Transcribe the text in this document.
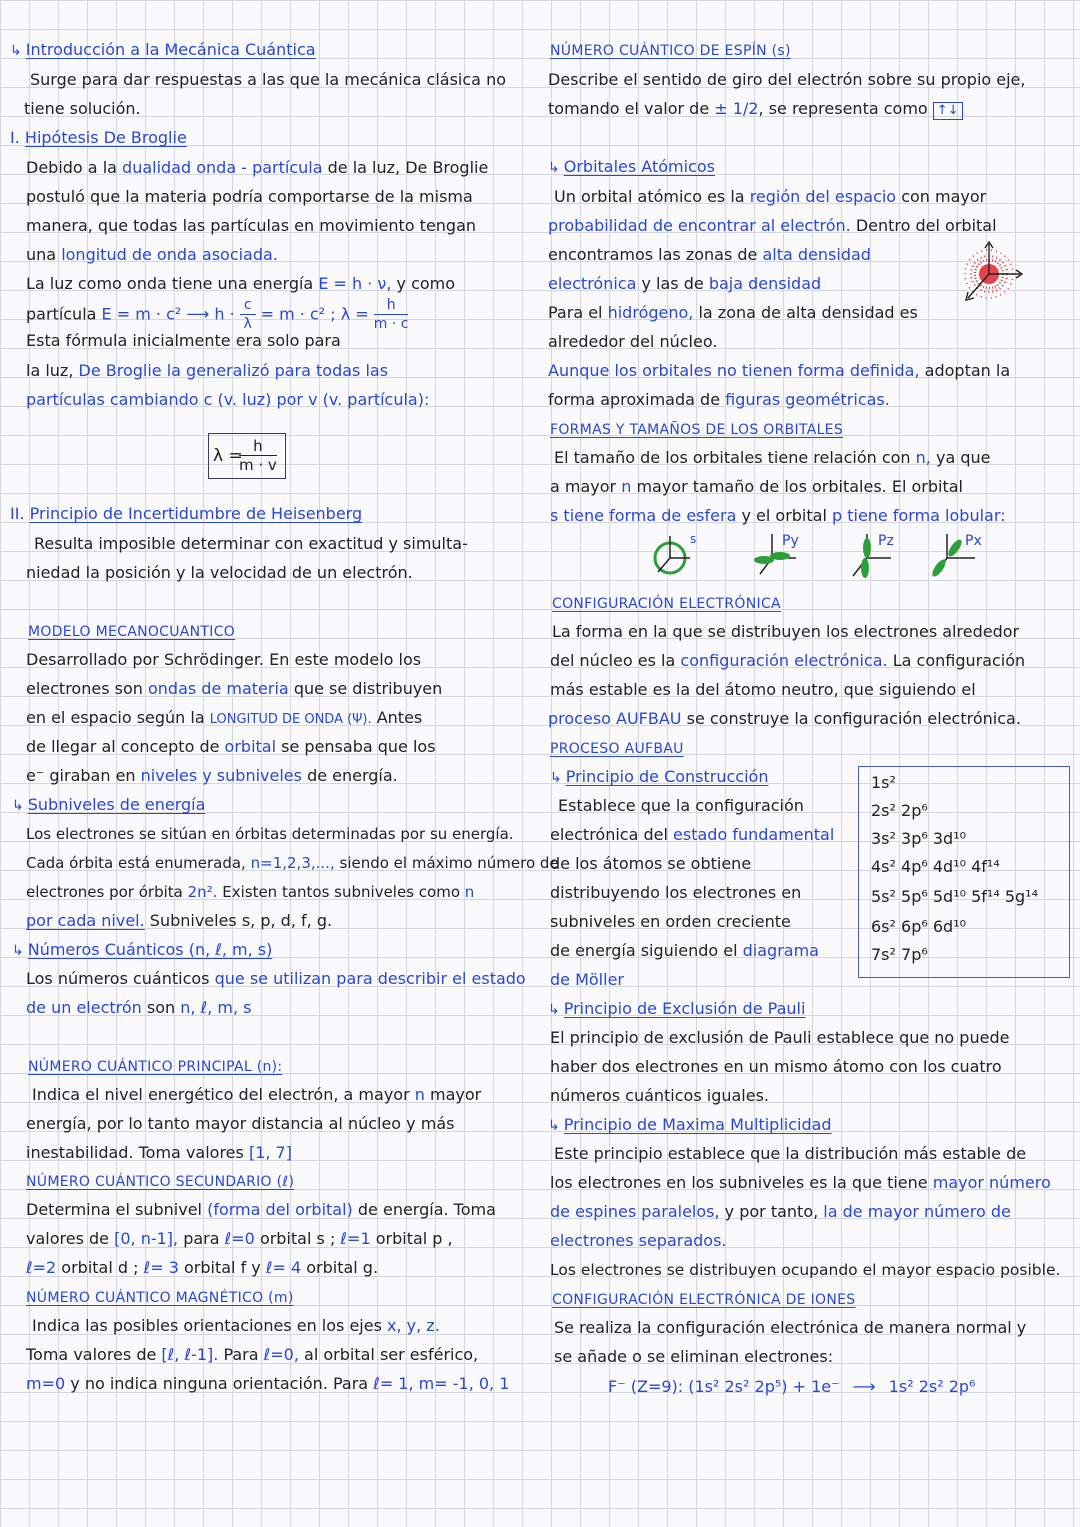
↳ Introducción a la Mecánica Cuántica
Surge para dar respuestas a las que la mecánica clásica no
tiene solución.
I. Hipótesis De Broglie
Debido a la dualidad onda - partícula de la luz, De Broglie
postuló que la materia podría comportarse de la misma
manera, que todas las partículas en movimiento tengan
una longitud de onda asociada.
La luz como onda tiene una energía E = h · ν, y como
partícula E = m · c² ⟶ $h \cdot \frac{c}{\lambda} = m \cdot c^2$ ; $\lambda = \frac{h}{m \cdot c}$
Esta fórmula inicialmente era solo para
la luz, De Broglie la generalizó para todas las
partículas cambiando c (v. luz) por v (v. partícula):
λ =
$\frac{h}{m \cdot v}$
II. Principio de Incertidumbre de Heisenberg
Resulta imposible determinar con exactitud y simulta-
niedad la posición y la velocidad de un electrón.
MODELO MECANOCUANTICO
Desarrollado por Schrödinger. En este modelo los
electrones son ondas de materia que se distribuyen
en el espacio según la LONGITUD DE ONDA (Ψ). Antes
de llegar al concepto de orbital se pensaba que los
e⁻ giraban en niveles y subniveles de energía.
↳ Subniveles de energía
Los electrones se sitúan en órbitas determinadas por su energía.
Cada órbita está enumerada, n=1,2,3,..., siendo el máximo número de
electrones por órbita 2n². Existen tantos subniveles como n
por cada nivel. Subniveles s, p, d, f, g.
↳ Números Cuánticos (n, ℓ, m, s)
Los números cuánticos que se utilizan para describir el estado
de un electrón son n, ℓ, m, s
NÚMERO CUÁNTICO PRINCIPAL (n):
Indica el nivel energético del electrón, a mayor n mayor
energía, por lo tanto mayor distancia al núcleo y más
inestabilidad. Toma valores [1, 7]
NÚMERO CUÁNTICO SECUNDARIO (ℓ)
Determina el subnivel (forma del orbital) de energía. Toma
valores de [0, n-1], para ℓ=0 orbital s ; ℓ=1 orbital p ,
ℓ=2 orbital d ; ℓ= 3 orbital f y ℓ= 4 orbital g.
NÚMERO CUÁNTICO MAGNÉTICO (m)
Indica las posibles orientaciones en los ejes x, y, z.
Toma valores de [ℓ, ℓ-1]. Para ℓ=0, al orbital ser esférico,
m=0 y no indica ninguna orientación. Para ℓ= 1, m= -1, 0, 1
NÚMERO CUÁNTICO DE ESPÍN (s)
Describe el sentido de giro del electrón sobre su propio eje,
tomando el valor de ± 1/2, se representa como ↑↓
↳ Orbitales Atómicos
Un orbital atómico es la región del espacio con mayor
probabilidad de encontrar al electrón. Dentro del orbital
encontramos las zonas de alta densidad
electrónica y las de baja densidad
Para el hidrógeno, la zona de alta densidad es
alrededor del núcleo.
Aunque los orbitales no tienen forma definida, adoptan la
forma aproximada de figuras geométricas.
FORMAS Y TAMAÑOS DE LOS ORBITALES
El tamaño de los orbitales tiene relación con n, ya que
a mayor n mayor tamaño de los orbitales. El orbital
s tiene forma de esfera y el orbital p tiene forma lobular:
CONFIGURACIÓN ELECTRÓNICA
La forma en la que se distribuyen los electrones alrededor
del núcleo es la configuración electrónica. La configuración
más estable es la del átomo neutro, que siguiendo el
proceso AUFBAU se construye la configuración electrónica.
PROCESO AUFBAU
↳ Principio de Construcción
Establece que la configuración
electrónica del estado fundamental
de los átomos se obtiene
distribuyendo los electrones en
subniveles en orden creciente
de energía siguiendo el diagrama
de Möller
↳ Principio de Exclusión de Pauli
El principio de exclusión de Pauli establece que no puede
haber dos electrones en un mismo átomo con los cuatro
números cuánticos iguales.
↳ Principio de Maxima Multiplicidad
Este principio establece que la distribución más estable de
los electrones en los subniveles es la que tiene mayor número
de espines paralelos, y por tanto, la de mayor número de
electrones separados.
Los electrones se distribuyen ocupando el mayor espacio posible.
CONFIGURACIÓN ELECTRÓNICA DE IONES
Se realiza la configuración electrónica de manera normal y
se añade o se eliminan electrones:
F⁻ (Z=9): (1s² 2s² 2p⁵) + 1e⁻ ⟶ 1s² 2s² 2p⁶
1s²
2s² 2p⁶
3s² 3p⁶ 3d¹⁰
4s² 4p⁶ 4d¹⁰ 4f¹⁴
5s² 5p⁶ 5d¹⁰ 5f¹⁴ 5g¹⁴
6s² 6p⁶ 6d¹⁰
7s² 7p⁶
s	Py	Pz	Px
